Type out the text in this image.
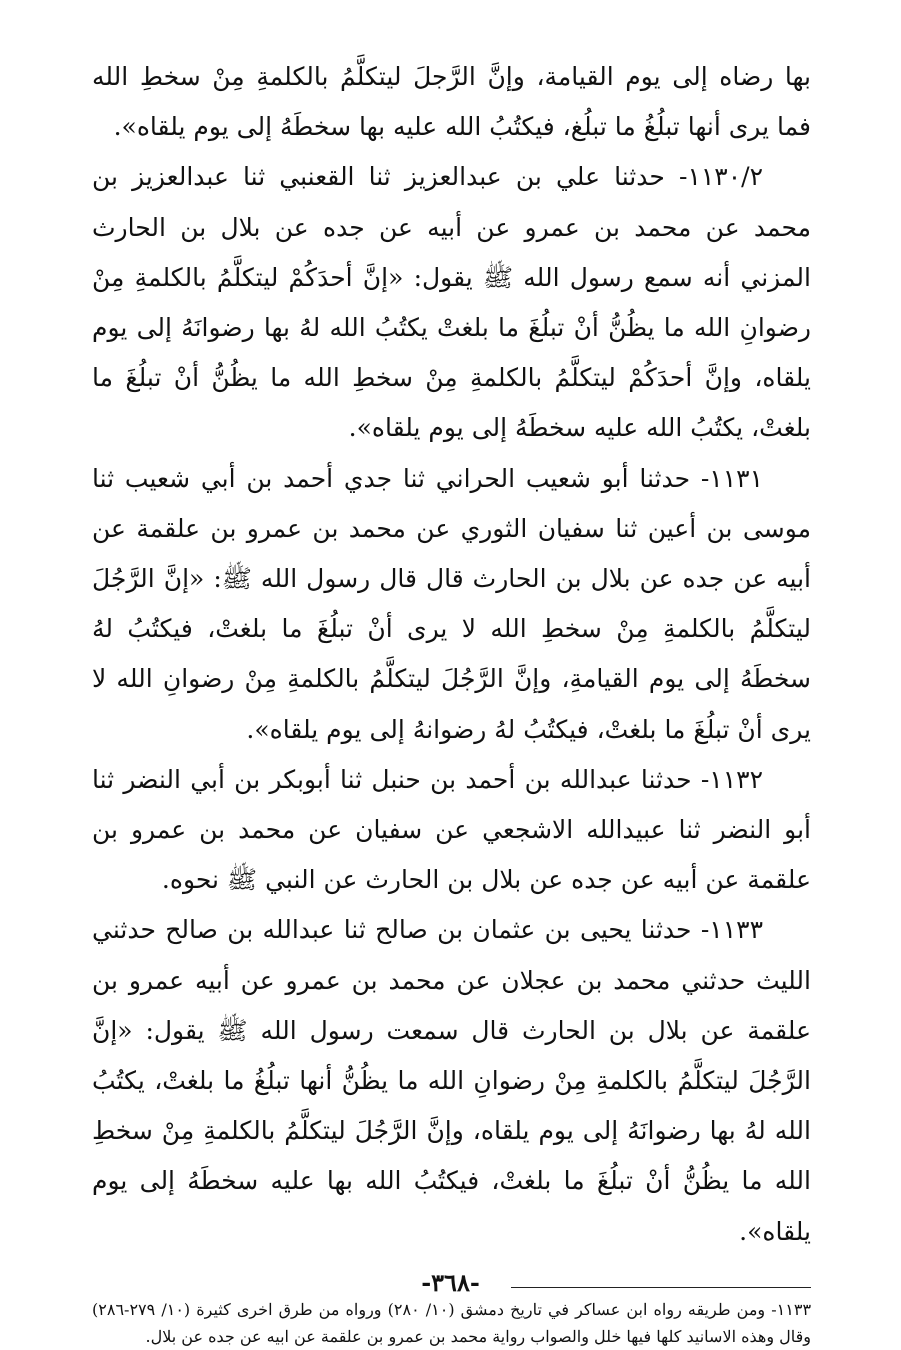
بها رضاه إلى يوم القيامة، وإنَّ الرَّجلَ ليتكلَّمُ بالكلمةِ مِنْ سخطِ الله فما يرى أنها تبلُغُ ما تبلُغ، فيكتُبُ الله عليه بها سخطَهُ إلى يوم يلقاه».

١١٣٠/٢- حدثنا علي بن عبدالعزيز ثنا القعنبي ثنا عبدالعزيز بن محمد عن محمد بن عمرو عن أبيه عن جده عن بلال بن الحارث المزني أنه سمع رسول الله ﷺ يقول: «إنَّ أحدَكُمْ ليتكلَّمُ بالكلمةِ مِنْ رضوانِ الله ما يظُنُّ أنْ تبلُغَ ما بلغتْ يكتُبُ الله لهُ بها رضوانَهُ إلى يوم يلقاه، وإنَّ أحدَكُمْ ليتكلَّمُ بالكلمةِ مِنْ سخطِ الله ما يظُنُّ أنْ تبلُغَ ما بلغتْ، يكتُبُ الله عليه سخطَهُ إلى يوم يلقاه».

١١٣١- حدثنا أبو شعيب الحراني ثنا جدي أحمد بن أبي شعيب ثنا موسى بن أعين ثنا سفيان الثوري عن محمد بن عمرو بن علقمة عن أبيه عن جده عن بلال بن الحارث قال قال رسول الله ﷺ: «إنَّ الرَّجُلَ ليتكلَّمُ بالكلمةِ مِنْ سخطِ الله لا يرى أنْ تبلُغَ ما بلغتْ، فيكتُبُ لهُ سخطَهُ إلى يوم القيامةِ، وإنَّ الرَّجُلَ ليتكلَّمُ بالكلمةِ مِنْ رضوانِ الله لا يرى أنْ تبلُغَ ما بلغتْ، فيكتُبُ لهُ رضوانهُ إلى يوم يلقاه».

١١٣٢- حدثنا عبدالله بن أحمد بن حنبل ثنا أبوبكر بن أبي النضر ثنا أبو النضر ثنا عبيدالله الاشجعي عن سفيان عن محمد بن عمرو بن علقمة عن أبيه عن جده عن بلال بن الحارث عن النبي ﷺ نحوه.

١١٣٣- حدثنا يحيى بن عثمان بن صالح ثنا عبدالله بن صالح حدثني الليث حدثني محمد بن عجلان عن محمد بن عمرو عن أبيه عمرو بن علقمة عن بلال بن الحارث قال سمعت رسول الله ﷺ يقول: «إنَّ الرَّجُلَ ليتكلَّمُ بالكلمةِ مِنْ رضوانِ الله ما يظُنُّ أنها تبلُغُ ما بلغتْ، يكتُبُ الله لهُ بها رضوانَهُ إلى يوم يلقاه، وإنَّ الرَّجُلَ ليتكلَّمُ بالكلمةِ مِنْ سخطِ الله ما يظُنُّ أنْ تبلُغَ ما بلغتْ، فيكتُبُ الله بها عليه سخطَهُ إلى يوم يلقاه».

١١٣٣- ومن طريقه رواه ابن عساكر في تاريخ دمشق (١٠/ ٢٨٠) ورواه من طرق اخرى كثيرة (١٠/ ٢٧٩-٢٨٦) وقال وهذه الاسانيد كلها فيها خلل والصواب رواية محمد بن عمرو بن علقمة عن ابيه عن جده عن بلال.

-٣٦٨-
